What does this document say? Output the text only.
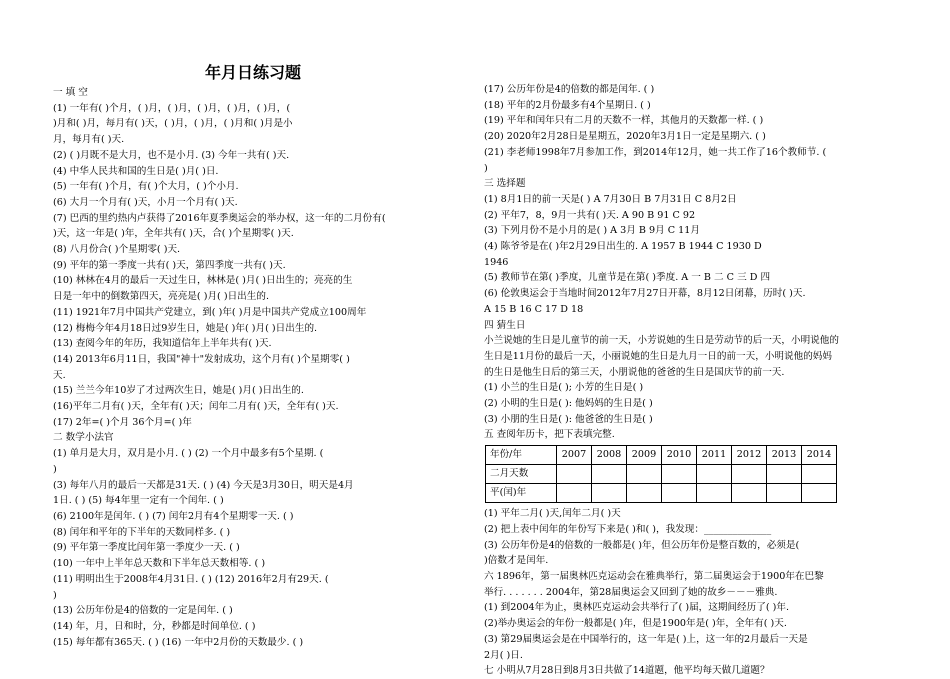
年月日练习题
一 填 空
(1) 一年有( )个月，( )月，( )月，( )月，( )月，( )月，(
)月和( )月，每月有( )天，( )月，( )月，( )月和( )月是小
月，每月有( )天.
(2) ( )月既不是大月，也不是小月. (3) 今年一共有( )天.
(4) 中华人民共和国的生日是( )月( )日.
(5) 一年有( )个月，有( )个大月，( )个小月.
(6) 大月一个月有( )天，小月一个月有( )天.
(7) 巴西的里约热内卢获得了2016年夏季奥运会的举办权，这一年的二月份有(
)天，这一年是( )年，全年共有( )天，合( )个星期零( )天.
(8) 八月份合( )个星期零( )天.
(9) 平年的第一季度一共有( )天，第四季度一共有( )天.
(10) 林林在4月的最后一天过生日，林林是( )月( )日出生的；亮亮的生
日是一年中的倒数第四天，亮亮是( )月( )日出生的.
(11) 1921年7月中国共产党建立，到( )年( )月是中国共产党成立100周年
(12) 梅梅今年4月18日过9岁生日，她是( )年( )月( )日出生的.
(13) 查阅今年的年历，我知道信年上半年共有( )天.
(14) 2013年6月11日，我国"神十"发射成功，这个月有( )个星期零( )
天.
(15) 兰兰今年10岁了才过两次生日，她是( )月( )日出生的.
(16)平年二月有( )天，全年有( )天；闰年二月有( )天，全年有( )天.
(17) 2年=( )个月 36个月=( )年
二 数学小法官
(1) 单月是大月，双月是小月. ( ) (2) 一个月中最多有5个星期. (
)
(3) 每年八月的最后一天都是31天. ( ) (4) 今天是3月30日，明天是4月
1日. ( ) (5) 每4年里一定有一个闰年. ( )
(6) 2100年是闰年. ( ) (7) 闰年2月有4个星期零一天. ( )
(8) 闰年和平年的下半年的天数同样多. ( )
(9) 平年第一季度比闰年第一季度少一天. ( )
(10) 一年中上半年总天数和下半年总天数相等. ( )
(11) 明明出生于2008年4月31日. ( ) (12) 2016年2月有29天. (
)
(13) 公历年份是4的倍数的一定是闰年. ( )
(14) 年，月，日和时，分，秒都是时间单位. ( )
(15) 每年都有365天. ( ) (16) 一年中2月份的天数最少. ( )
(17) 公历年份是4的倍数的都是闰年. ( )
(18) 平年的2月份最多有4个星期日. ( )
(19) 平年和闰年只有二月的天数不一样，其他月的天数都一样. ( )
(20) 2020年2月28日是星期五，2020年3月1日一定是星期六. ( )
(21) 李老师1998年7月参加工作，到2014年12月，她一共工作了16个教师节. (
)
三 选择题
(1) 8月1日的前一天是( ) A 7月30日 B 7月31日 C 8月2日
(2) 平年7，8，9月一共有( )天. A 90 B 91 C 92
(3) 下列月份不是小月的是( ) A 3月 B 9月 C 11月
(4) 陈爷爷是在( )年2月29日出生的. A 1957 B 1944 C 1930 D
1946
(5) 教师节在第( )季度，儿童节是在第( )季度. A 一 B 二 C 三 D 四
(6) 伦敦奥运会于当地时间2012年7月27日开幕，8月12日闭幕，历时( )天.
A 15 B 16 C 17 D 18
四 猜生日
小兰说她的生日是儿童节的前一天，小芳说她的生日是劳动节的后一天，小明说他的
生日是11月份的最后一天，小丽说她的生日是九月一日的前一天，小明说他的妈妈
的生日是他生日后的第三天，小朋说他的爸爸的生日是国庆节的前一天.
(1) 小兰的生日是( ); 小芳的生日是( )
(2) 小明的生日是( ): 他妈妈的生日是( )
(3) 小朋的生日是( ): 他爸爸的生日是( )
五 查阅年历卡，把下表填完整.
年份/年	2007	2008	2009	2010	2011	2012	2013	2014
二月天数								
平(闰)年								
(1) 平年二月( )天,闰年二月( )天
(2) 把上表中闰年的年份写下来是( )和( )，我发现：______________
(3) 公历年份是4的倍数的一般都是( )年，但公历年份是整百数的，必须是(
)倍数才是闰年.
六 1896年，第一届奥林匹克运动会在雅典举行，第二届奥运会于1900年在巴黎
举行. . . . . . . 2004年，第28届奥运会又回到了她的故乡－－－雅典.
(1) 到2004年为止，奥林匹克运动会共举行了( )届，这期间经历了( )年.
(2)举办奥运会的年份一般都是( )年，但是1900年是( )年，全年有( )天.
(3) 第29届奥运会是在中国举行的，这一年是( )上，这一年的2月最后一天是
2月( )日.
七 小明从7月28日到8月3日共做了14道题，他平均每天做几道题？
